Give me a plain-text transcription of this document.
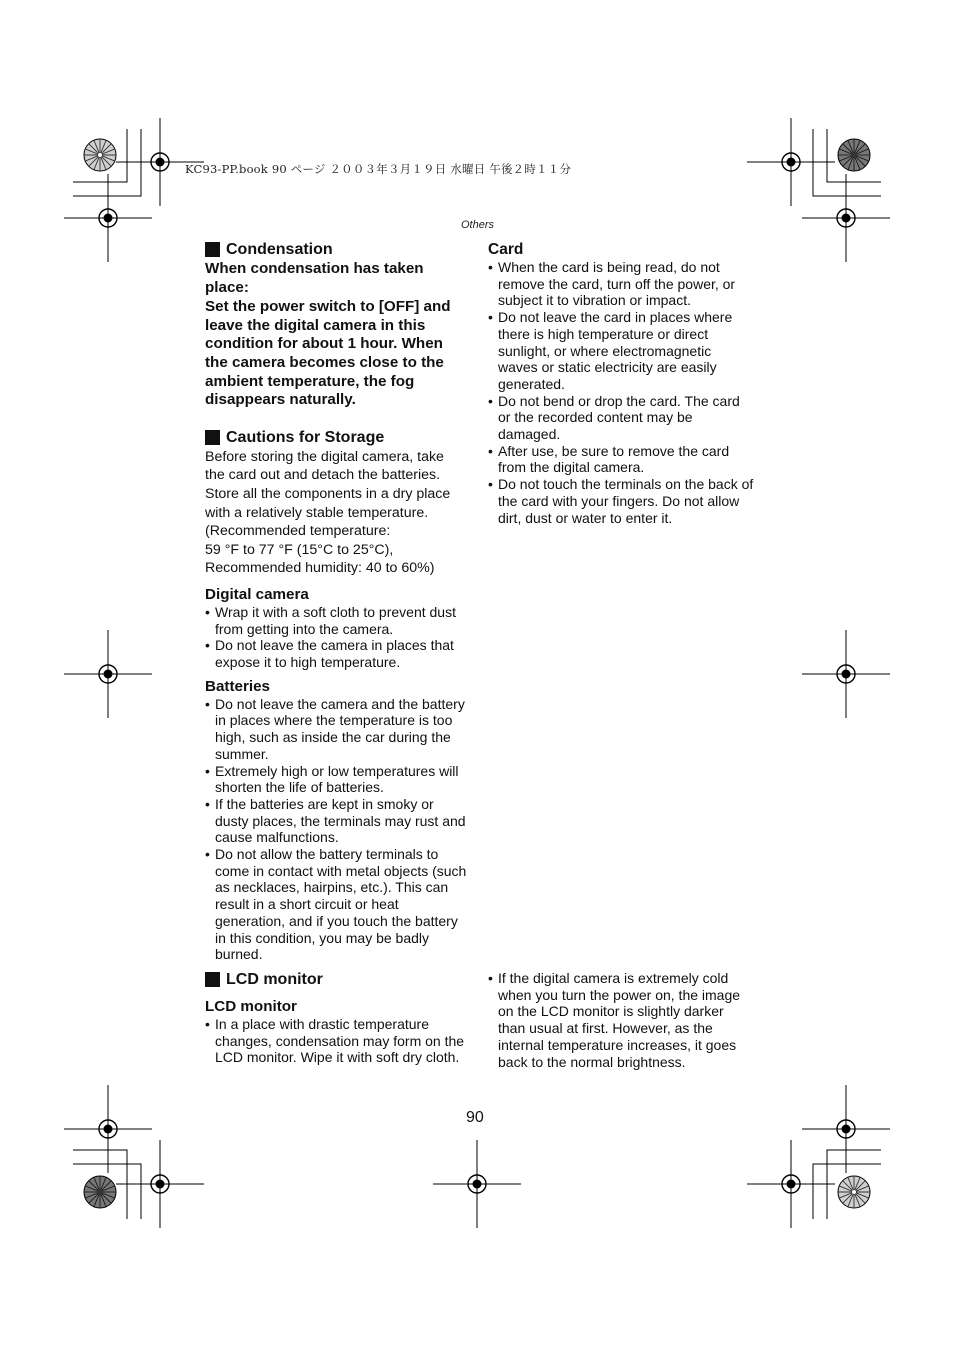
KC93-PP.book 90 ページ ２００３年３月１９日 水曜日 午後２時１１分
Others
Condensation
When condensation has taken place:
Set the power switch to [OFF] and leave the digital camera in this condition for about 1 hour. When the camera becomes close to the ambient temperature, the fog disappears naturally.
Cautions for Storage
Before storing the digital camera, take
the card out and detach the batteries.
Store all the components in a dry place
with a relatively stable temperature.
(Recommended temperature:
59 °F to 77 °F (15°C to 25°C),
Recommended humidity: 40 to 60%)
Digital camera
• Wrap it with a soft cloth to prevent dust from getting into the camera.
• Do not leave the camera in places that expose it to high temperature.
Batteries
• Do not leave the camera and the battery in places where the temperature is too high, such as inside the car during the summer.
• Extremely high or low temperatures will shorten the life of batteries.
• If the batteries are kept in smoky or dusty places, the terminals may rust and cause malfunctions.
• Do not allow the battery terminals to come in contact with metal objects (such as necklaces, hairpins, etc.). This can result in a short circuit or heat generation, and if you touch the battery in this condition, you may be badly burned.
Card
• When the card is being read, do not remove the card, turn off the power, or subject it to vibration or impact.
• Do not leave the card in places where there is high temperature or direct sunlight, or where electromagnetic waves or static electricity are easily generated.
• Do not bend or drop the card. The card or the recorded content may be damaged.
• After use, be sure to remove the card from the digital camera.
• Do not touch the terminals on the back of the card with your fingers. Do not allow dirt, dust or water to enter it.
LCD monitor
LCD monitor
• In a place with drastic temperature changes, condensation may form on the LCD monitor. Wipe it with soft dry cloth.
• If the digital camera is extremely cold when you turn the power on, the image on the LCD monitor is slightly darker than usual at first. However, as the internal temperature increases, it goes back to the normal brightness.
90
